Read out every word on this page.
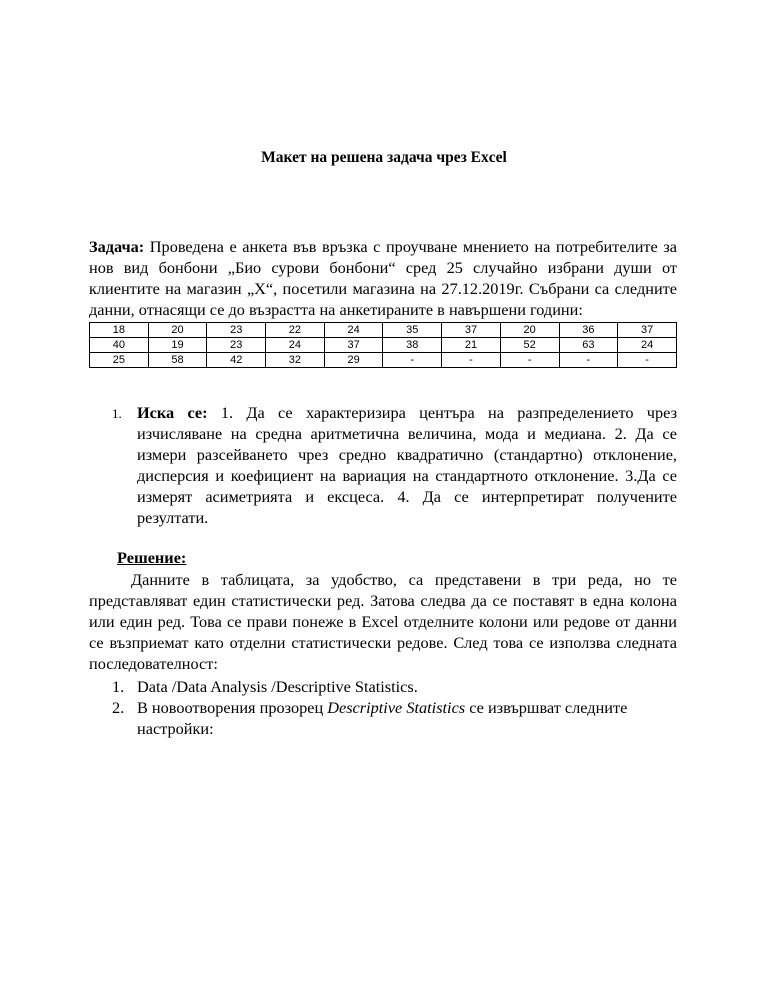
Макет на решена задача чрез Excel
Задача: Проведена е анкета във връзка с проучване мнението на потребителите за нов вид бонбони „Био сурови бонбони“ сред 25 случайно избрани души от клиентите на магазин „X“, посетили магазина на 27.12.2019г. Събрани са следните данни, отнасящи се до възрастта на анкетираните в навършени години:
18	20	23	22	24	35	37	20	36	37
40	19	23	24	37	38	21	52	63	24
25	58	42	32	29	-	-	-	-	-
1. Иска се: 1. Да се характеризира центъра на разпределението чрез изчисляване на средна аритметична величина, мода и медиана. 2. Да се измери разсейването чрез средно квадратично (стандартно) отклонение, дисперсия и коефициент на вариация на стандартното отклонение. 3.Да се измерят асиметрията и ексцеса. 4. Да се интерпретират получените резултати.
Решение:
Данните в таблицата, за удобство, са представени в три реда, но те представляват един статистически ред. Затова следва да се поставят в една колона или един ред. Това се прави понеже в Excel отделните колони или редове от данни се възприемат като отделни статистически редове. След това се използва следната последователност:
1. Data /Data Analysis /Descriptive Statistics.
2. В новоотворения прозорец Descriptive Statistics се извършват следните настройки:
